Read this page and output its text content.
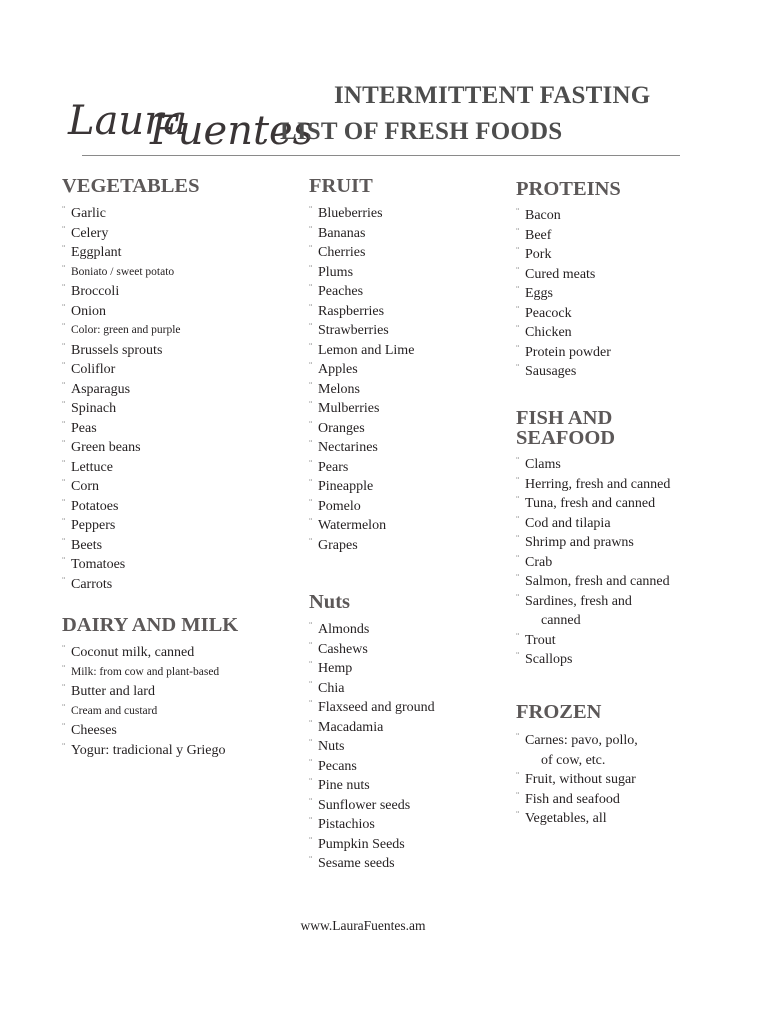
Laura
Fuentes
INTERMITTENT FASTING
LIST OF FRESH FOODS
VEGETABLES
¨ Garlic
¨ Celery
¨ Eggplant
¨ Boniato / sweet potato
¨ Broccoli
¨ Onion
¨ Color: green and purple
¨ Brussels sprouts
¨ Coliflor
¨ Asparagus
¨ Spinach
¨ Peas
¨ Green beans
¨ Lettuce
¨ Corn
¨ Potatoes
¨ Peppers
¨ Beets
¨ Tomatoes
¨ Carrots
DAIRY AND MILK
¨ Coconut milk, canned
¨ Milk: from cow and plant-based
¨ Butter and lard
¨ Cream and custard
¨ Cheeses
¨ Yogur: tradicional y Griego
FRUIT
¨ Blueberries
¨ Bananas
¨ Cherries
¨ Plums
¨ Peaches
¨ Raspberries
¨ Strawberries
¨ Lemon and Lime
¨ Apples
¨ Melons
¨ Mulberries
¨ Oranges
¨ Nectarines
¨ Pears
¨ Pineapple
¨ Pomelo
¨ Watermelon
¨ Grapes
Nuts
¨ Almonds
¨ Cashews
¨ Hemp
¨ Chia
¨ Flaxseed and ground
¨ Macadamia
¨ Nuts
¨ Pecans
¨ Pine nuts
¨ Sunflower seeds
¨ Pistachios
¨ Pumpkin Seeds
¨ Sesame seeds
PROTEINS
¨ Bacon
¨ Beef
¨ Pork
¨ Cured meats
¨ Eggs
¨ Peacock
¨ Chicken
¨ Protein powder
¨ Sausages
FISH AND
SEAFOOD
¨ Clams
¨ Herring, fresh and canned
¨ Tuna, fresh and canned
¨ Cod and tilapia
¨ Shrimp and prawns
¨ Crab
¨ Salmon, fresh and canned
¨ Sardines, fresh and
canned
¨ Trout
¨ Scallops
FROZEN
¨ Carnes: pavo, pollo,
of cow, etc.
¨ Fruit, without sugar
¨ Fish and seafood
¨ Vegetables, all
www.LauraFuentes.am
